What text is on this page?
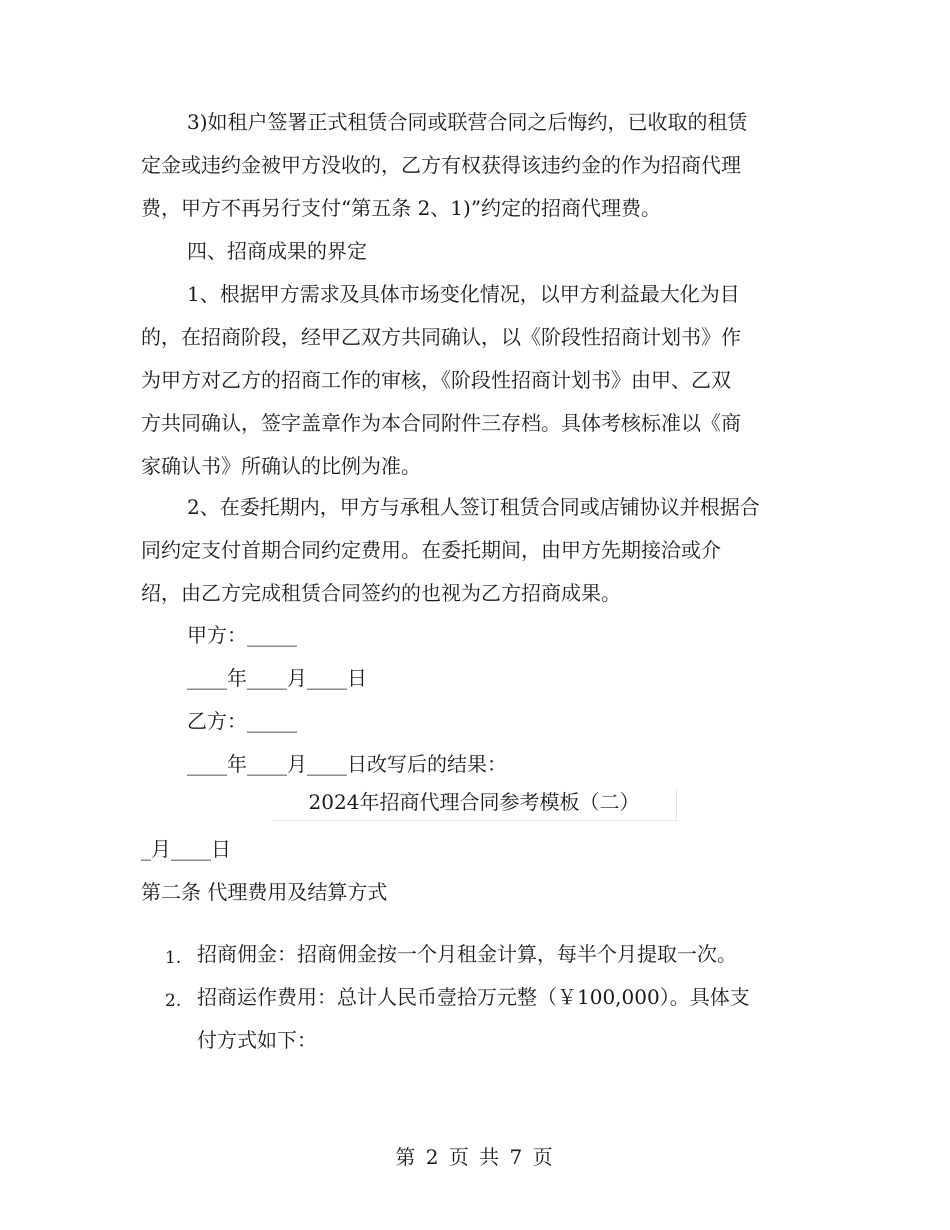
3)如租户签署正式租赁合同或联营合同之后悔约，已收取的租赁
定金或违约金被甲方没收的，乙方有权获得该违约金的作为招商代理
费，甲方不再另行支付“第五条 2、1)”约定的招商代理费。
四、招商成果的界定
1、根据甲方需求及具体市场变化情况，以甲方利益最大化为目
的，在招商阶段，经甲乙双方共同确认，以《阶段性招商计划书》作
为甲方对乙方的招商工作的审核，《阶段性招商计划书》由甲、乙双
方共同确认，签字盖章作为本合同附件三存档。具体考核标准以《商
家确认书》所确认的比例为准。
2、在委托期内，甲方与承租人签订租赁合同或店铺协议并根据合
同约定支付首期合同约定费用。在委托期间，由甲方先期接洽或介
绍，由乙方完成租赁合同签约的也视为乙方招商成果。
甲方：_____
____年____月____日
乙方：_____
____年____月____日改写后的结果：
2024年招商代理合同参考模板（二）
_月____日
第二条 代理费用及结算方式
1. 招商佣金：招商佣金按一个月租金计算，每半个月提取一次。
2. 招商运作费用：总计人民币壹拾万元整（￥100,000）。具体支
付方式如下：
第 2 页 共 7 页
